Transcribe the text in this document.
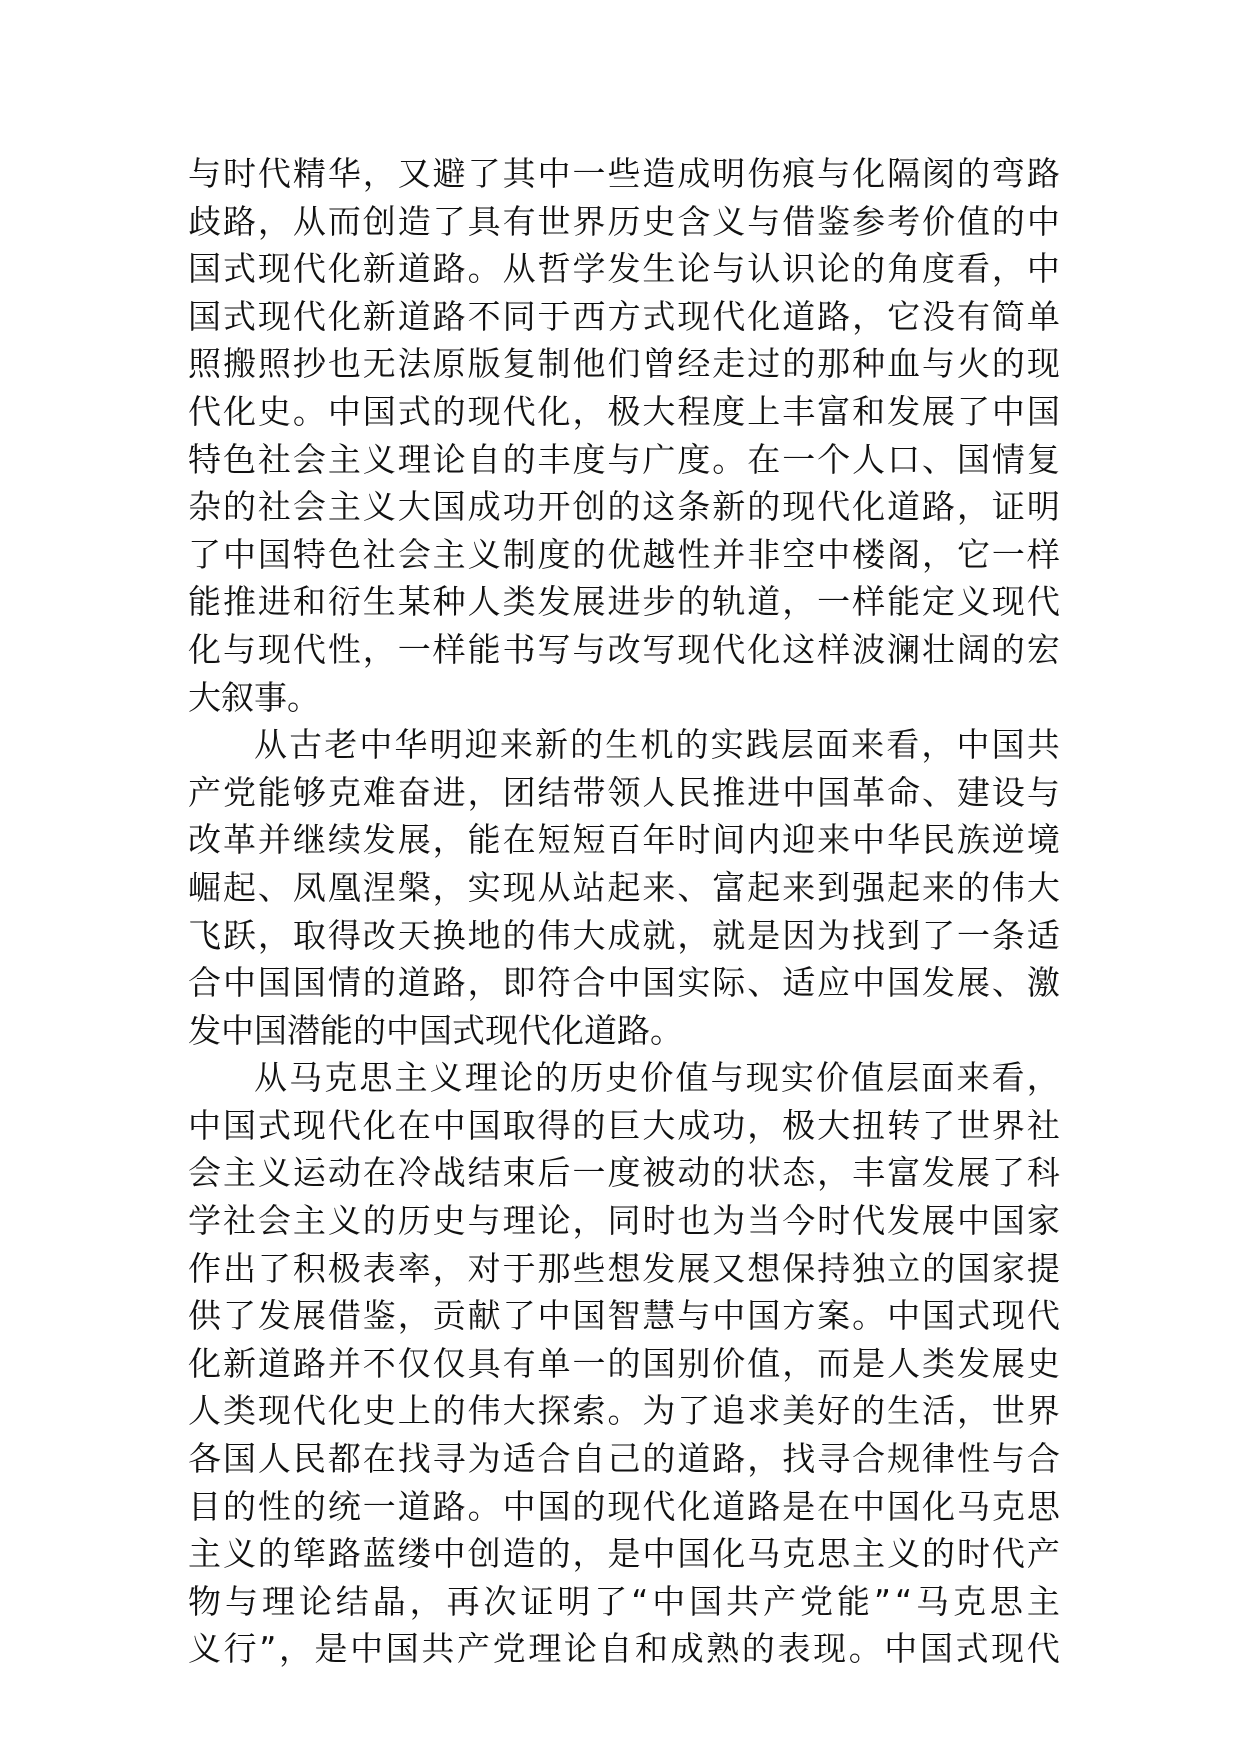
与 时 代 精 华 ， 又 避 了 其 中 一 些 造 成 明 伤 痕 与 化 隔 阂 的 弯 路
歧 路 ， 从 而 创 造 了 具 有 世 界 历 史 含 义 与 借 鉴 参 考 价 值 的 中
国 式 现 代 化 新 道 路 。 从 哲 学 发 生 论 与 认 识 论 的 角 度 看 ， 中
国 式 现 代 化 新 道 路 不 同 于 西 方 式 现 代 化 道 路 ， 它 没 有 简 单
照 搬 照 抄 也 无 法 原 版 复 制 他 们 曾 经 走 过 的 那 种 血 与 火 的 现
代 化 史 。 中 国 式 的 现 代 化 ， 极 大 程 度 上 丰 富 和 发 展 了 中 国
特 色 社 会 主 义 理 论 自 的 丰 度 与 广 度 。 在 一 个 人 口 、 国 情 复
杂 的 社 会 主 义 大 国 成 功 开 创 的 这 条 新 的 现 代 化 道 路 ， 证 明
了 中 国 特 色 社 会 主 义 制 度 的 优 越 性 并 非 空 中 楼 阁 ， 它 一 样
能 推 进 和 衍 生 某 种 人 类 发 展 进 步 的 轨 道 ， 一 样 能 定 义 现 代
化 与 现 代 性 ， 一 样 能 书 写 与 改 写 现 代 化 这 样 波 澜 壮 阔 的 宏
大叙事。
从 古 老 中 华 明 迎 来 新 的 生 机 的 实 践 层 面 来 看 ， 中 国 共
产 党 能 够 克 难 奋 进 ， 团 结 带 领 人 民 推 进 中 国 革 命 、 建 设 与
改 革 并 继 续 发 展 ， 能 在 短 短 百 年 时 间 内 迎 来 中 华 民 族 逆 境
崛 起 、 凤 凰 涅 槃 ， 实 现 从 站 起 来 、 富 起 来 到 强 起 来 的 伟 大
飞 跃 ， 取 得 改 天 换 地 的 伟 大 成 就 ， 就 是 因 为 找 到 了 一 条 适
合 中 国 国 情 的 道 路 ， 即 符 合 中 国 实 际 、 适 应 中 国 发 展 、 激
发中国潜能的中国式现代化道路。
从 马 克 思 主 义 理 论 的 历 史 价 值 与 现 实 价 值 层 面 来 看 ，
中 国 式 现 代 化 在 中 国 取 得 的 巨 大 成 功 ， 极 大 扭 转 了 世 界 社
会 主 义 运 动 在 冷 战 结 束 后 一 度 被 动 的 状 态 ， 丰 富 发 展 了 科
学 社 会 主 义 的 历 史 与 理 论 ， 同 时 也 为 当 今 时 代 发 展 中 国 家
作 出 了 积 极 表 率 ， 对 于 那 些 想 发 展 又 想 保 持 独 立 的 国 家 提
供 了 发 展 借 鉴 ， 贡 献 了 中 国 智 慧 与 中 国 方 案 。 中 国 式 现 代
化 新 道 路 并 不 仅 仅 具 有 单 一 的 国 别 价 值 ， 而 是 人 类 发 展 史
人 类 现 代 化 史 上 的 伟 大 探 索 。 为 了 追 求 美 好 的 生 活 ， 世 界
各 国 人 民 都 在 找 寻 为 适 合 自 己 的 道 路 ， 找 寻 合 规 律 性 与 合
目 的 性 的 统 一 道 路 。 中 国 的 现 代 化 道 路 是 在 中 国 化 马 克 思
主 义 的 筚 路 蓝 缕 中 创 造 的 ， 是 中 国 化 马 克 思 主 义 的 时 代 产
物 与 理 论 结 晶 ， 再 次 证 明 了 “ 中 国 共 产 党 能 ” “ 马 克 思 主
义 行 ” ， 是 中 国 共 产 党 理 论 自 和 成 熟 的 表 现 。 中 国 式 现 代
